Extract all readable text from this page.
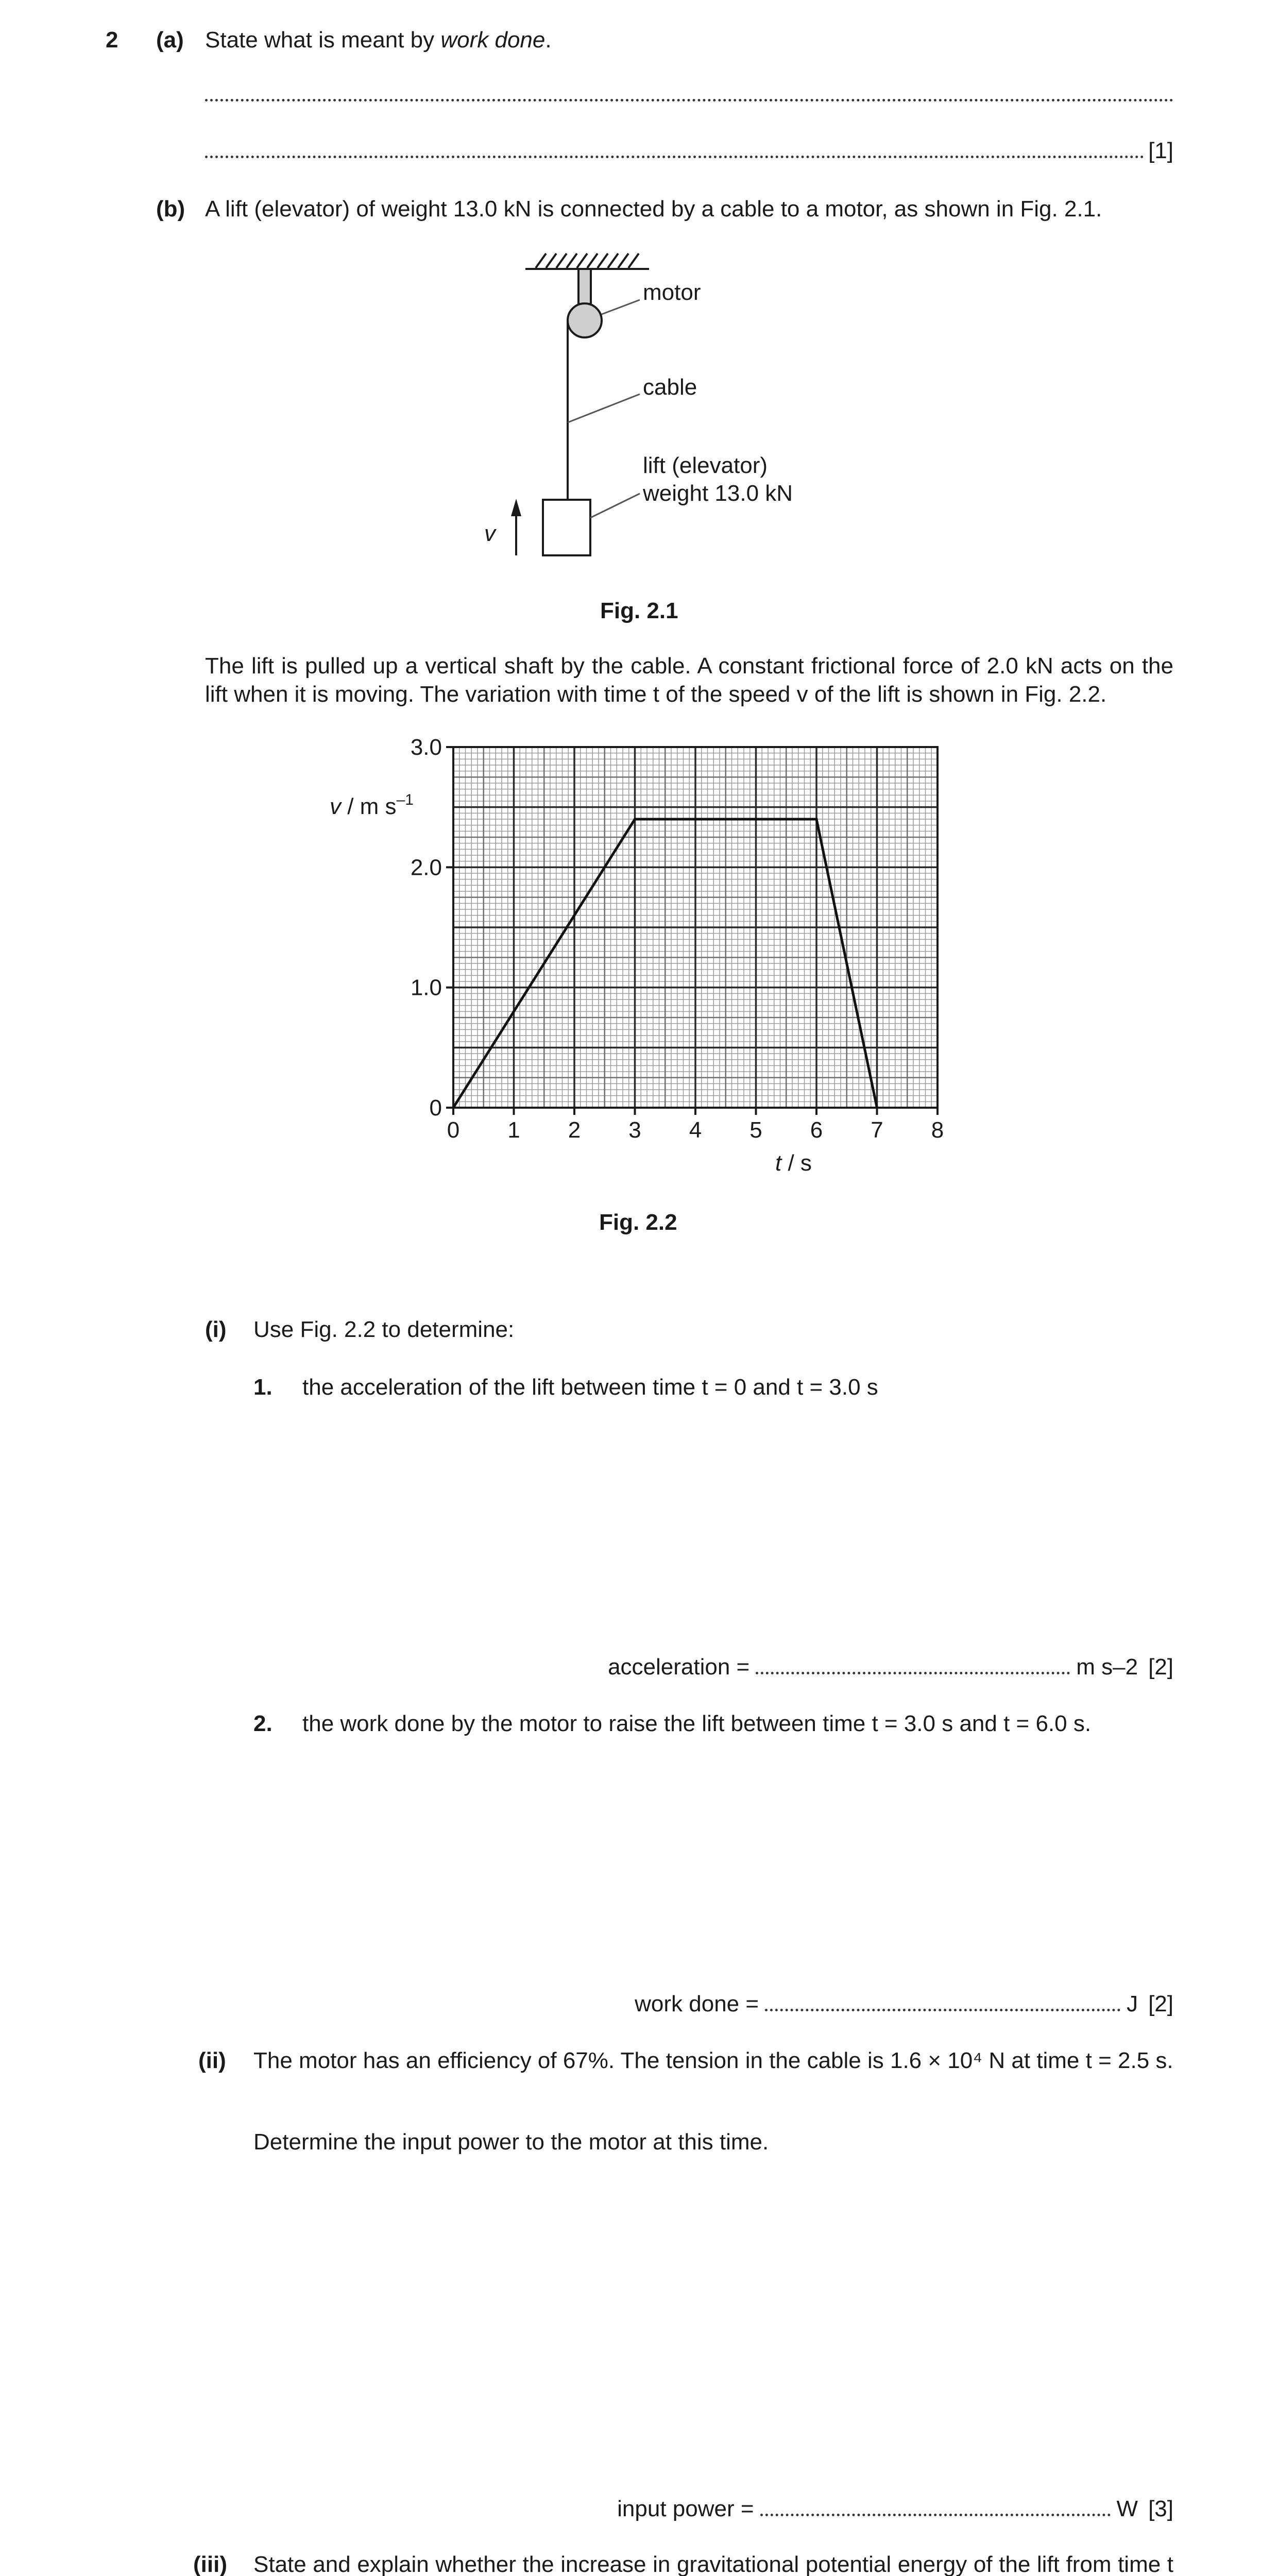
2 (a) State what is meant by work done.
[1]
(b) A lift (elevator) of weight 13.0 kN is connected by a cable to a motor, as shown in Fig. 2.1.
motor
cable
lift (elevator)
weight 13.0 kN
v
Fig. 2.1
The lift is pulled up a vertical shaft by the cable. A constant frictional force of 2.0 kN acts on the lift when it is moving. The variation with time t of the speed v of the lift is shown in Fig. 2.2.
0 1 2 3 4 5 6 7 8
0
1.0
2.0
3.0
v / m $s^{-1}$
t / s
Fig. 2.2
(i) Use Fig. 2.2 to determine:
1. the acceleration of the lift between time t = 0 and t = 3.0 s
acceleration =	m s–2 [2]
2. the work done by the motor to raise the lift between time t = 3.0 s and t = 6.0 s.
work done =	J [2]
(ii) The motor has an efficiency of 67%. The tension in the cable is 1.6 × 10⁴ N at time t = 2.5 s.
Determine the input power to the motor at this time.
input power =	W [3]
(iii) State and explain whether the increase in gravitational potential energy of the lift from time t
